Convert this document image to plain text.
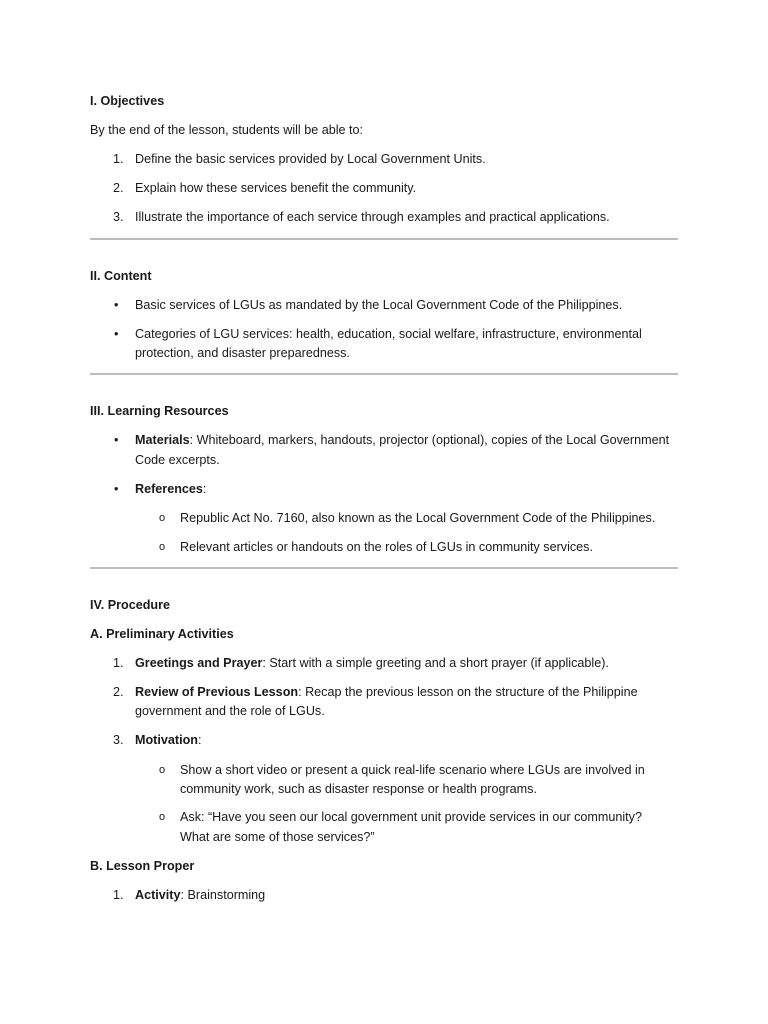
I. Objectives
By the end of the lesson, students will be able to:
1. Define the basic services provided by Local Government Units.
2. Explain how these services benefit the community.
3. Illustrate the importance of each service through examples and practical applications.
II. Content
• Basic services of LGUs as mandated by the Local Government Code of the Philippines.
• Categories of LGU services: health, education, social welfare, infrastructure, environmental
protection, and disaster preparedness.
III. Learning Resources
• Materials: Whiteboard, markers, handouts, projector (optional), copies of the Local Government
Code excerpts.
• References:
o Republic Act No. 7160, also known as the Local Government Code of the Philippines.
o Relevant articles or handouts on the roles of LGUs in community services.
IV. Procedure
A. Preliminary Activities
1. Greetings and Prayer: Start with a simple greeting and a short prayer (if applicable).
2. Review of Previous Lesson: Recap the previous lesson on the structure of the Philippine
government and the role of LGUs.
3. Motivation:
o Show a short video or present a quick real-life scenario where LGUs are involved in
community work, such as disaster response or health programs.
o Ask: “Have you seen our local government unit provide services in our community?
What are some of those services?”
B. Lesson Proper
1. Activity: Brainstorming
